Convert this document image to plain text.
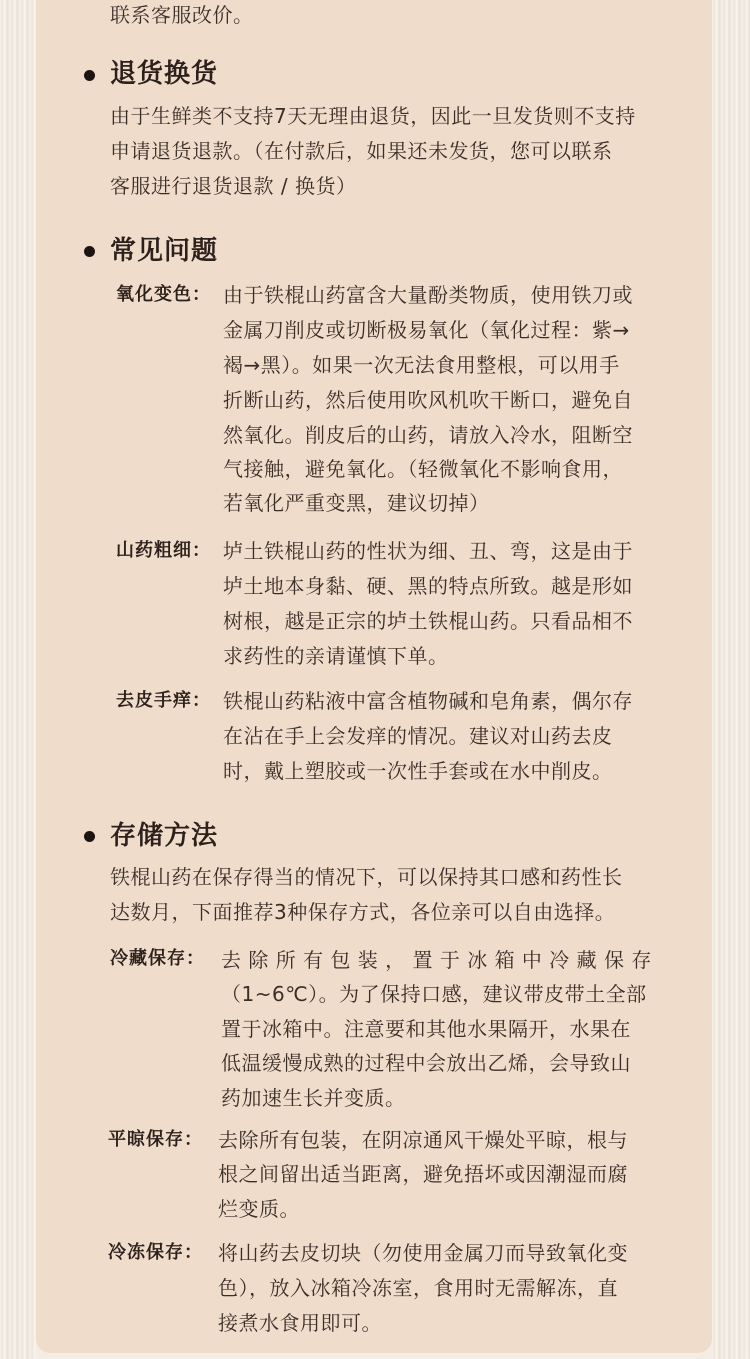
联系客服改价。
退货换货
由于生鲜类不支持7天无理由退货，因此一旦发货则不支持
申请退货退款。（在付款后，如果还未发货，您可以联系
客服进行退货退款 / 换货）
常见问题
氧化变色： 由于铁棍山药富含大量酚类物质，使用铁刀或
金属刀削皮或切断极易氧化（氧化过程：紫→
褐→黑）。如果一次无法食用整根，可以用手
折断山药，然后使用吹风机吹干断口，避免自
然氧化。削皮后的山药，请放入冷水，阻断空
气接触，避免氧化。（轻微氧化不影响食用，
若氧化严重变黑，建议切掉）
山药粗细： 垆土铁棍山药的性状为细、丑、弯，这是由于
垆土地本身黏、硬、黑的特点所致。越是形如
树根，越是正宗的垆土铁棍山药。只看品相不
求药性的亲请谨慎下单。
去皮手痒： 铁棍山药粘液中富含植物碱和皂角素，偶尔存
在沾在手上会发痒的情况。建议对山药去皮
时，戴上塑胶或一次性手套或在水中削皮。
存储方法
铁棍山药在保存得当的情况下，可以保持其口感和药性长
达数月，下面推荐3种保存方式，各位亲可以自由选择。
冷藏保存： 去 除 所 有 包 装 ， 置 于 冰 箱 中 冷 藏 保 存
（1~6℃）。为了保持口感，建议带皮带土全部
置于冰箱中。注意要和其他水果隔开，水果在
低温缓慢成熟的过程中会放出乙烯，会导致山
药加速生长并变质。
平晾保存： 去除所有包装，在阴凉通风干燥处平晾，根与
根之间留出适当距离，避免捂坏或因潮湿而腐
烂变质。
冷冻保存： 将山药去皮切块（勿使用金属刀而导致氧化变
色），放入冰箱冷冻室，食用时无需解冻，直
接煮水食用即可。
